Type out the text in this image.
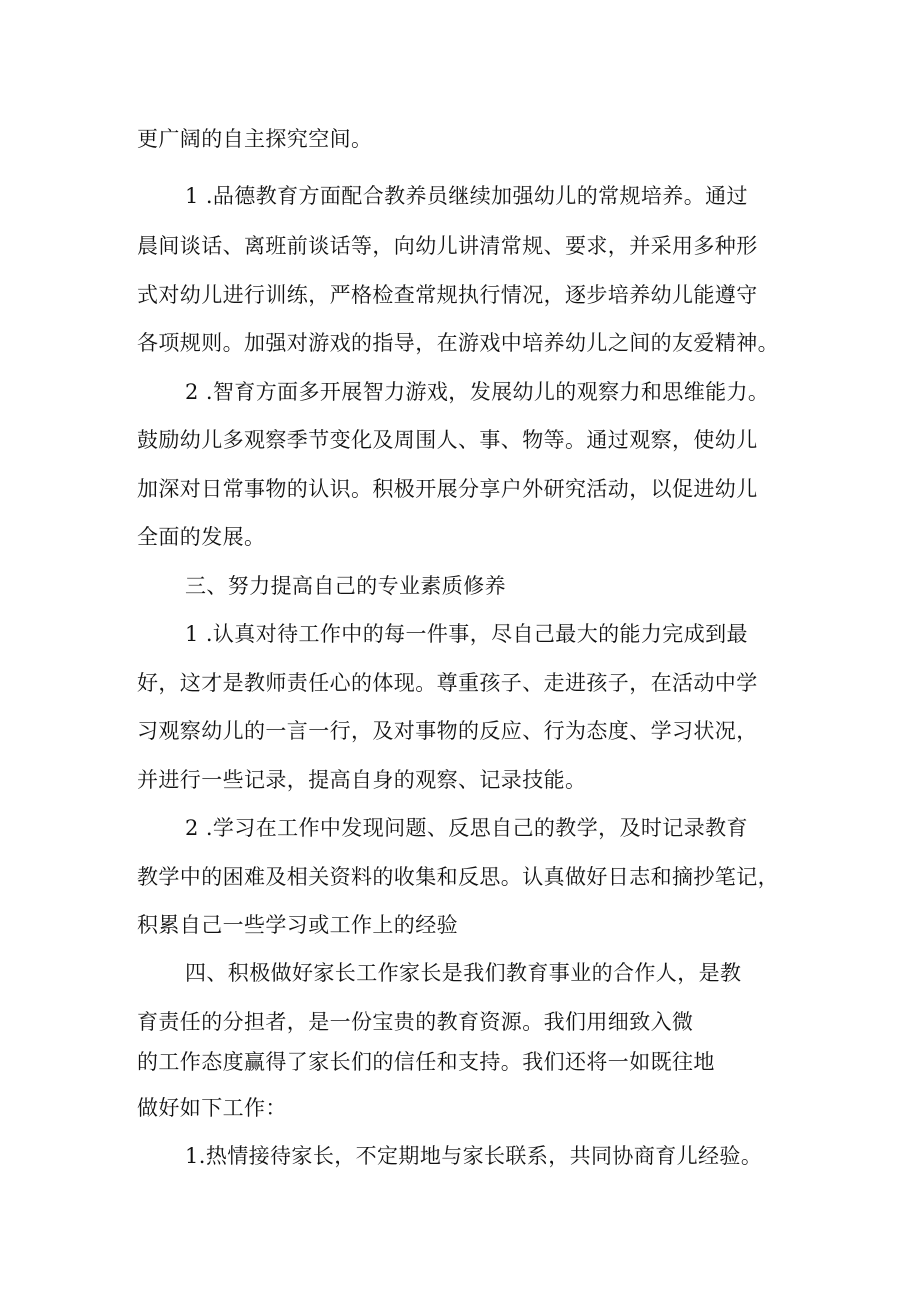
更广阔的自主探究空间。
1 .品德教育方面配合教养员继续加强幼儿的常规培养。通过
晨间谈话、离班前谈话等，向幼儿讲清常规、要求，并采用多种形
式对幼儿进行训练，严格检查常规执行情况，逐步培养幼儿能遵守
各项规则。加强对游戏的指导，在游戏中培养幼儿之间的友爱精神。
2 .智育方面多开展智力游戏，发展幼儿的观察力和思维能力。
鼓励幼儿多观察季节变化及周围人、事、物等。通过观察，使幼儿
加深对日常事物的认识。积极开展分享户外研究活动，以促进幼儿
全面的发展。
三、努力提高自己的专业素质修养
1 .认真对待工作中的每一件事，尽自己最大的能力完成到最
好，这才是教师责任心的体现。尊重孩子、走进孩子，在活动中学
习观察幼儿的一言一行，及对事物的反应、行为态度、学习状况，
并进行一些记录，提高自身的观察、记录技能。
2 .学习在工作中发现问题、反思自己的教学，及时记录教育
教学中的困难及相关资料的收集和反思。认真做好日志和摘抄笔记，
积累自己一些学习或工作上的经验
四、积极做好家长工作家长是我们教育事业的合作人，是教
育责任的分担者，是一份宝贵的教育资源。我们用细致入微
的工作态度赢得了家长们的信任和支持。我们还将一如既往地
做好如下工作：
1.热情接待家长，不定期地与家长联系，共同协商育儿经验。
